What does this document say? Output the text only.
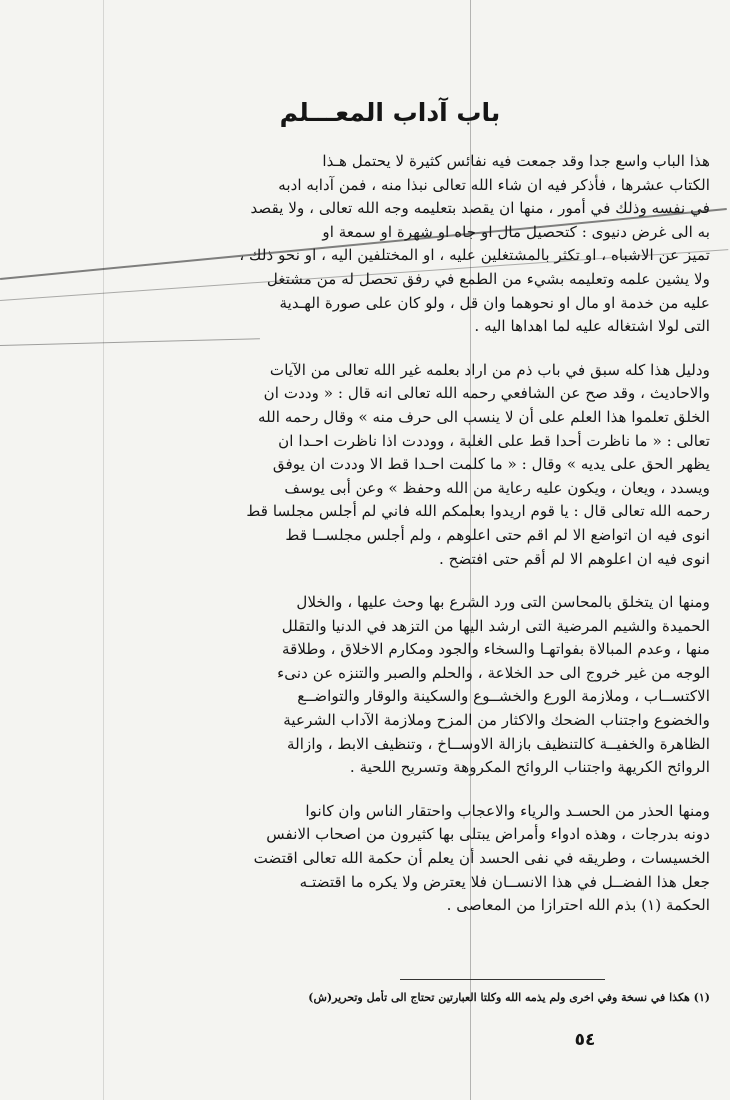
باب آداب المعـــلم
هذا الباب واسع جدا وقد جمعت فيه نفائس كثيرة لا يحتمل هـذا
الكتاب عشرها ، فأذكر فيه ان شاء الله تعالى نبذا منه ، فمن آدابه ادبه
في نفسه وذلك في أمور ، منها ان يقصد بتعليمه وجه الله تعالى ، ولا يقصد
به الى غرض دنيوى : كتحصيل مال او جاه او شهرة او سمعة او
تميز عن الاشباه ، او تكثر بالمشتغلين عليه ، او المختلفين اليه ، او نحو ذلك ،
ولا يشين علمه وتعليمه بشيء من الطمع في رفق تحصل له من مشتغل
عليه من خدمة او مال او نحوهما وان قل ، ولو كان على صورة الهـدية
التى لولا اشتغاله عليه لما اهداها اليه .
ودليل هذا كله سبق في باب ذم من اراد بعلمه غير الله تعالى من الآيات
والاحاديث ، وقد صح عن الشافعي رحمه الله تعالى انه قال : « وددت ان
الخلق تعلموا هذا العلم على أن لا ينسب الى حرف منه » وقال رحمه الله
تعالى : « ما ناظرت أحدا قط على الغلبة ، ووددت اذا ناظرت احـدا ان
يظهر الحق على يديه » وقال : « ما كلمت احـدا قط الا وددت ان يوفق
ويسدد ، ويعان ، ويكون عليه رعاية من الله وحفظ » وعن أبى يوسف
رحمه الله تعالى قال : يا قوم اريدوا بعلمكم الله فاني لم أجلس مجلسا قط
انوى فيه ان اتواضع الا لم اقم حتى اعلوهم ، ولم أجلس مجلســا قط
انوى فيه ان اعلوهم الا لم أقم حتى افتضح .
ومنها ان يتخلق بالمحاسن التى ورد الشرع بها وحث عليها ، والخلال
الحميدة والشيم المرضية التى ارشد اليها من التزهد في الدنيا والتقلل
منها ، وعدم المبالاة بفواتهـا والسخاء والجود ومكارم الاخلاق ، وطلاقة
الوجه من غير خروج الى حد الخلاعة ، والحلم والصبر والتنزه عن دنىء
الاكتســاب ، وملازمة الورع والخشــوع والسكينة والوقار والتواضــع
والخضوع واجتناب الضحك والاكثار من المزح وملازمة الآداب الشرعية
الظاهرة والخفيــة كالتنظيف بازالة الاوســاخ ، وتنظيف الابط ، وازالة
الروائح الكريهة واجتناب الروائح المكروهة وتسريح اللحية .
ومنها الحذر من الحسـد والرياء والاعجاب واحتقار الناس وان كانوا
دونه بدرجات ، وهذه ادواء وأمراض يبتلى بها كثيرون من اصحاب الانفس
الخسيسات ، وطريقه في نفى الحسد أن يعلم أن حكمة الله تعالى اقتضت
جعل هذا الفضــل في هذا الانســان فلا يعترض ولا يكره ما اقتضتـه
الحكمة (١) بذم الله احترازا من المعاصى .
(١) هكذا في نسخة وفي اخرى ولم يذمه الله وكلتا العبارتين تحتاج الى تأمل وتحرير(ش)
٥٤
